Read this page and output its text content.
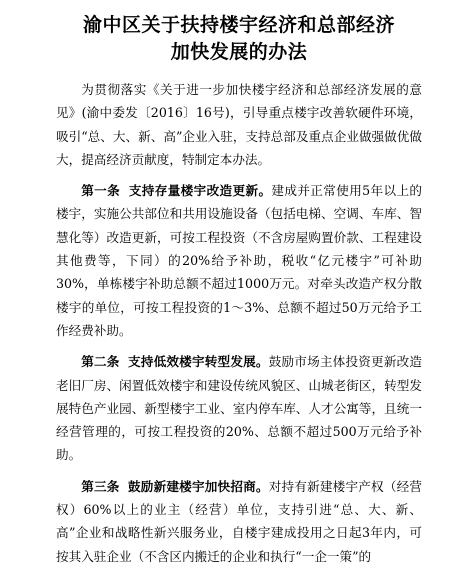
渝中区关于扶持楼宇经济和总部经济
加快发展的办法

为贯彻落实《关于进一步加快楼宇经济和总部经济发展的意见》(渝中委发〔2016〕16号)，引导重点楼宇改善软硬件环境，吸引“总、大、新、高”企业入驻，支持总部及重点企业做强做优做大，提高经济贡献度，特制定本办法。

第一条 支持存量楼宇改造更新。建成并正常使用5年以上的楼宇，实施公共部位和共用设施设备（包括电梯、空调、车库、智慧化等）改造更新，可按工程投资（不含房屋购置价款、工程建设其他费等，下同）的20%给予补助，税收“亿元楼宇”可补助30%，单栋楼宇补助总额不超过1000万元。对牵头改造产权分散楼宇的单位，可按工程投资的1～3%、总额不超过50万元给予工作经费补助。

第二条 支持低效楼宇转型发展。鼓励市场主体投资更新改造老旧厂房、闲置低效楼宇和建设传统风貌区、山城老街区，转型发展特色产业园、新型楼宇工业、室内停车库、人才公寓等，且统一经营管理的，可按工程投资的20%、总额不超过500万元给予补助。

第三条 鼓励新建楼宇加快招商。对持有新建楼宇产权（经营权）60%以上的业主（经营）单位，支持引进“总、大、新、高”企业和战略性新兴服务业，自楼宇建成投用之日起3年内，可按其入驻企业（不含区内搬迁的企业和执行“一企一策”的
